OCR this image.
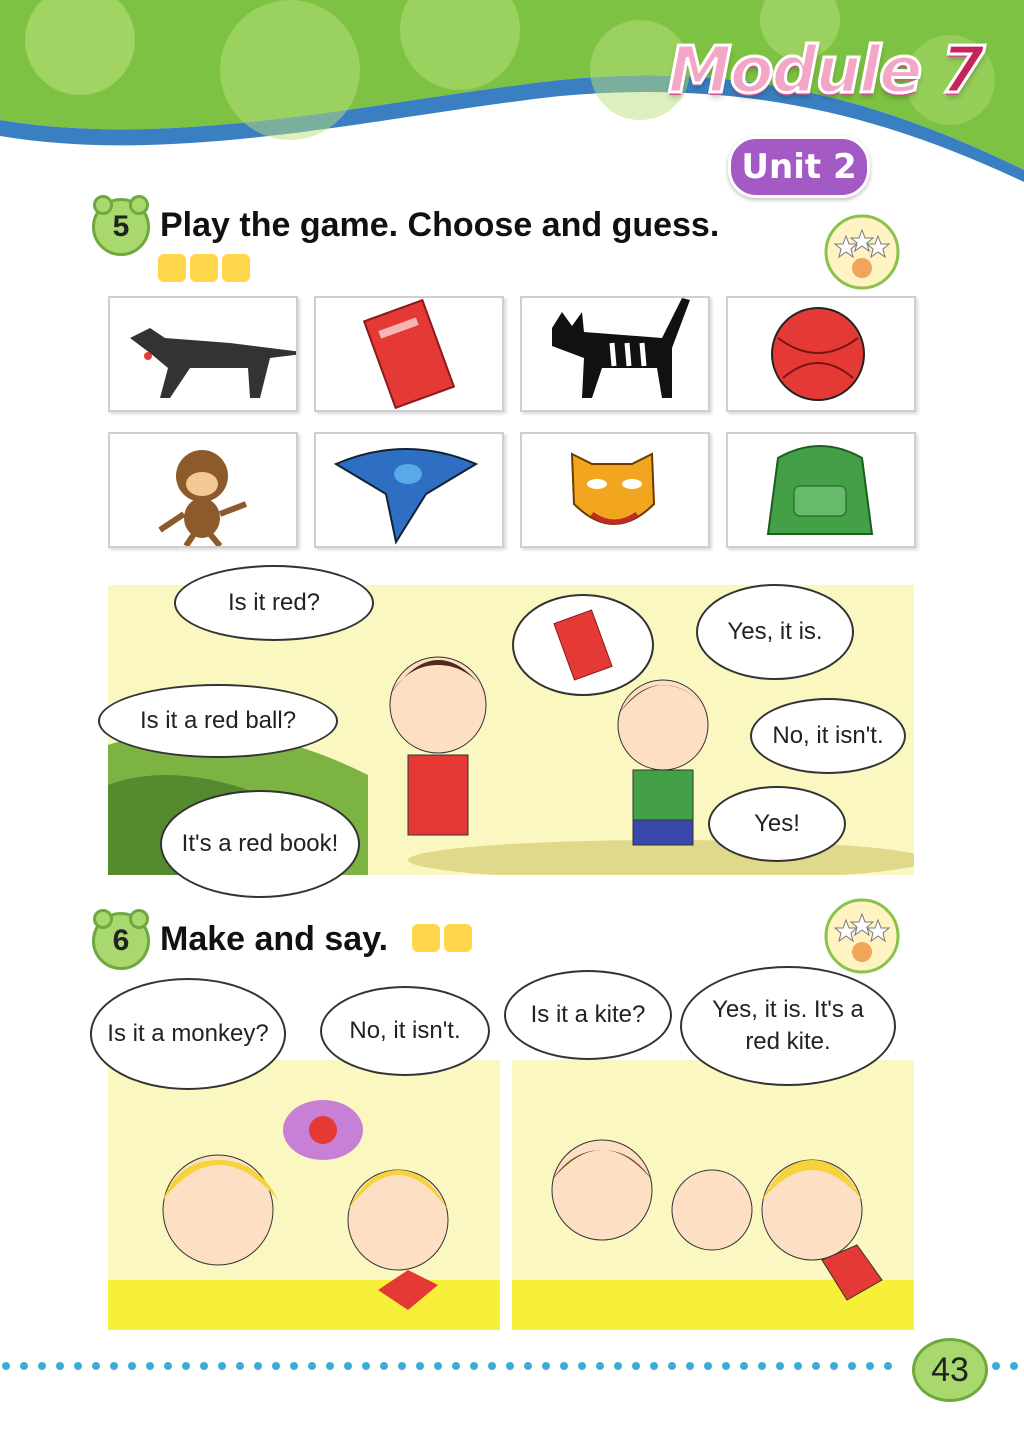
Module 7
Unit 2
5 Play the game. Choose and guess.
Is it red?
Is it a red ball?
It's a red book!
Yes, it is.
No, it isn't.
Yes!
6 Make and say.
Is it a monkey?	No, it isn't.
Is it a kite?	Yes, it is. It's a red kite.
43
